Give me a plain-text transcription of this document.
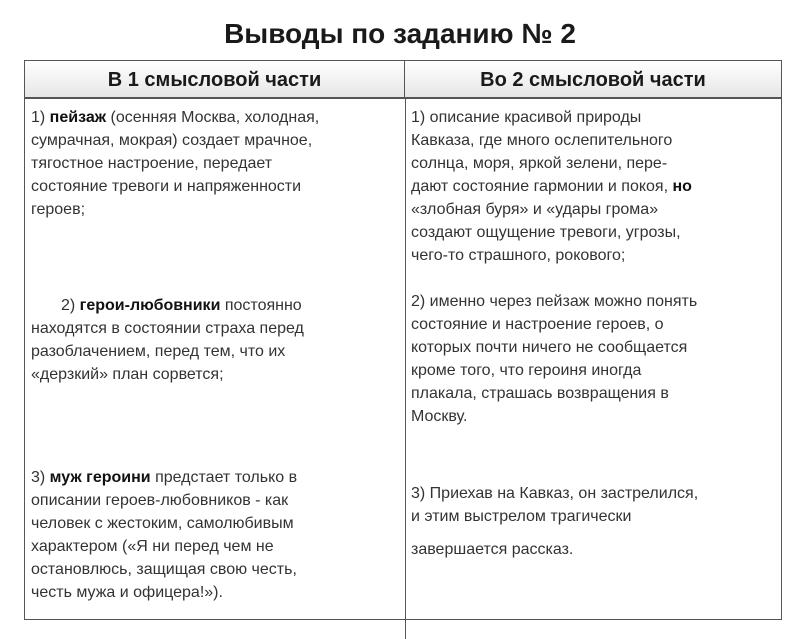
Выводы по заданию № 2
В 1 смысловой части	Во 2 смысловой части

1) пейзаж (осенняя Москва, холодная,
сумрачная, мокрая) создает мрачное,
тягостное настроение, передает
состояние тревоги и напряженности
героев;

2) герои-любовники постоянно
находятся в состоянии страха перед
разоблачением, перед тем, что их
«дерзкий» план сорвется;

3) муж героини предстает только в
описании героев-любовников - как
человек с жестоким, самолюбивым
характером («Я ни перед чем не
остановлюсь, защищая свою честь,
честь мужа и офицера!»).

1) описание красивой природы
Кавказа, где много ослепительного
солнца, моря, яркой зелени, пере-
дают состояние гармонии и покоя, но
«злобная буря» и «удары грома»
создают ощущение тревоги, угрозы,
чего-то страшного, рокового;

2) именно через пейзаж можно понять
состояние и настроение героев, о
которых почти ничего не сообщается
кроме того, что героиня иногда
плакала, страшась возвращения в
Москву.

3) Приехав на Кавказ, он застрелился,
и этим выстрелом трагически

завершается рассказ.
